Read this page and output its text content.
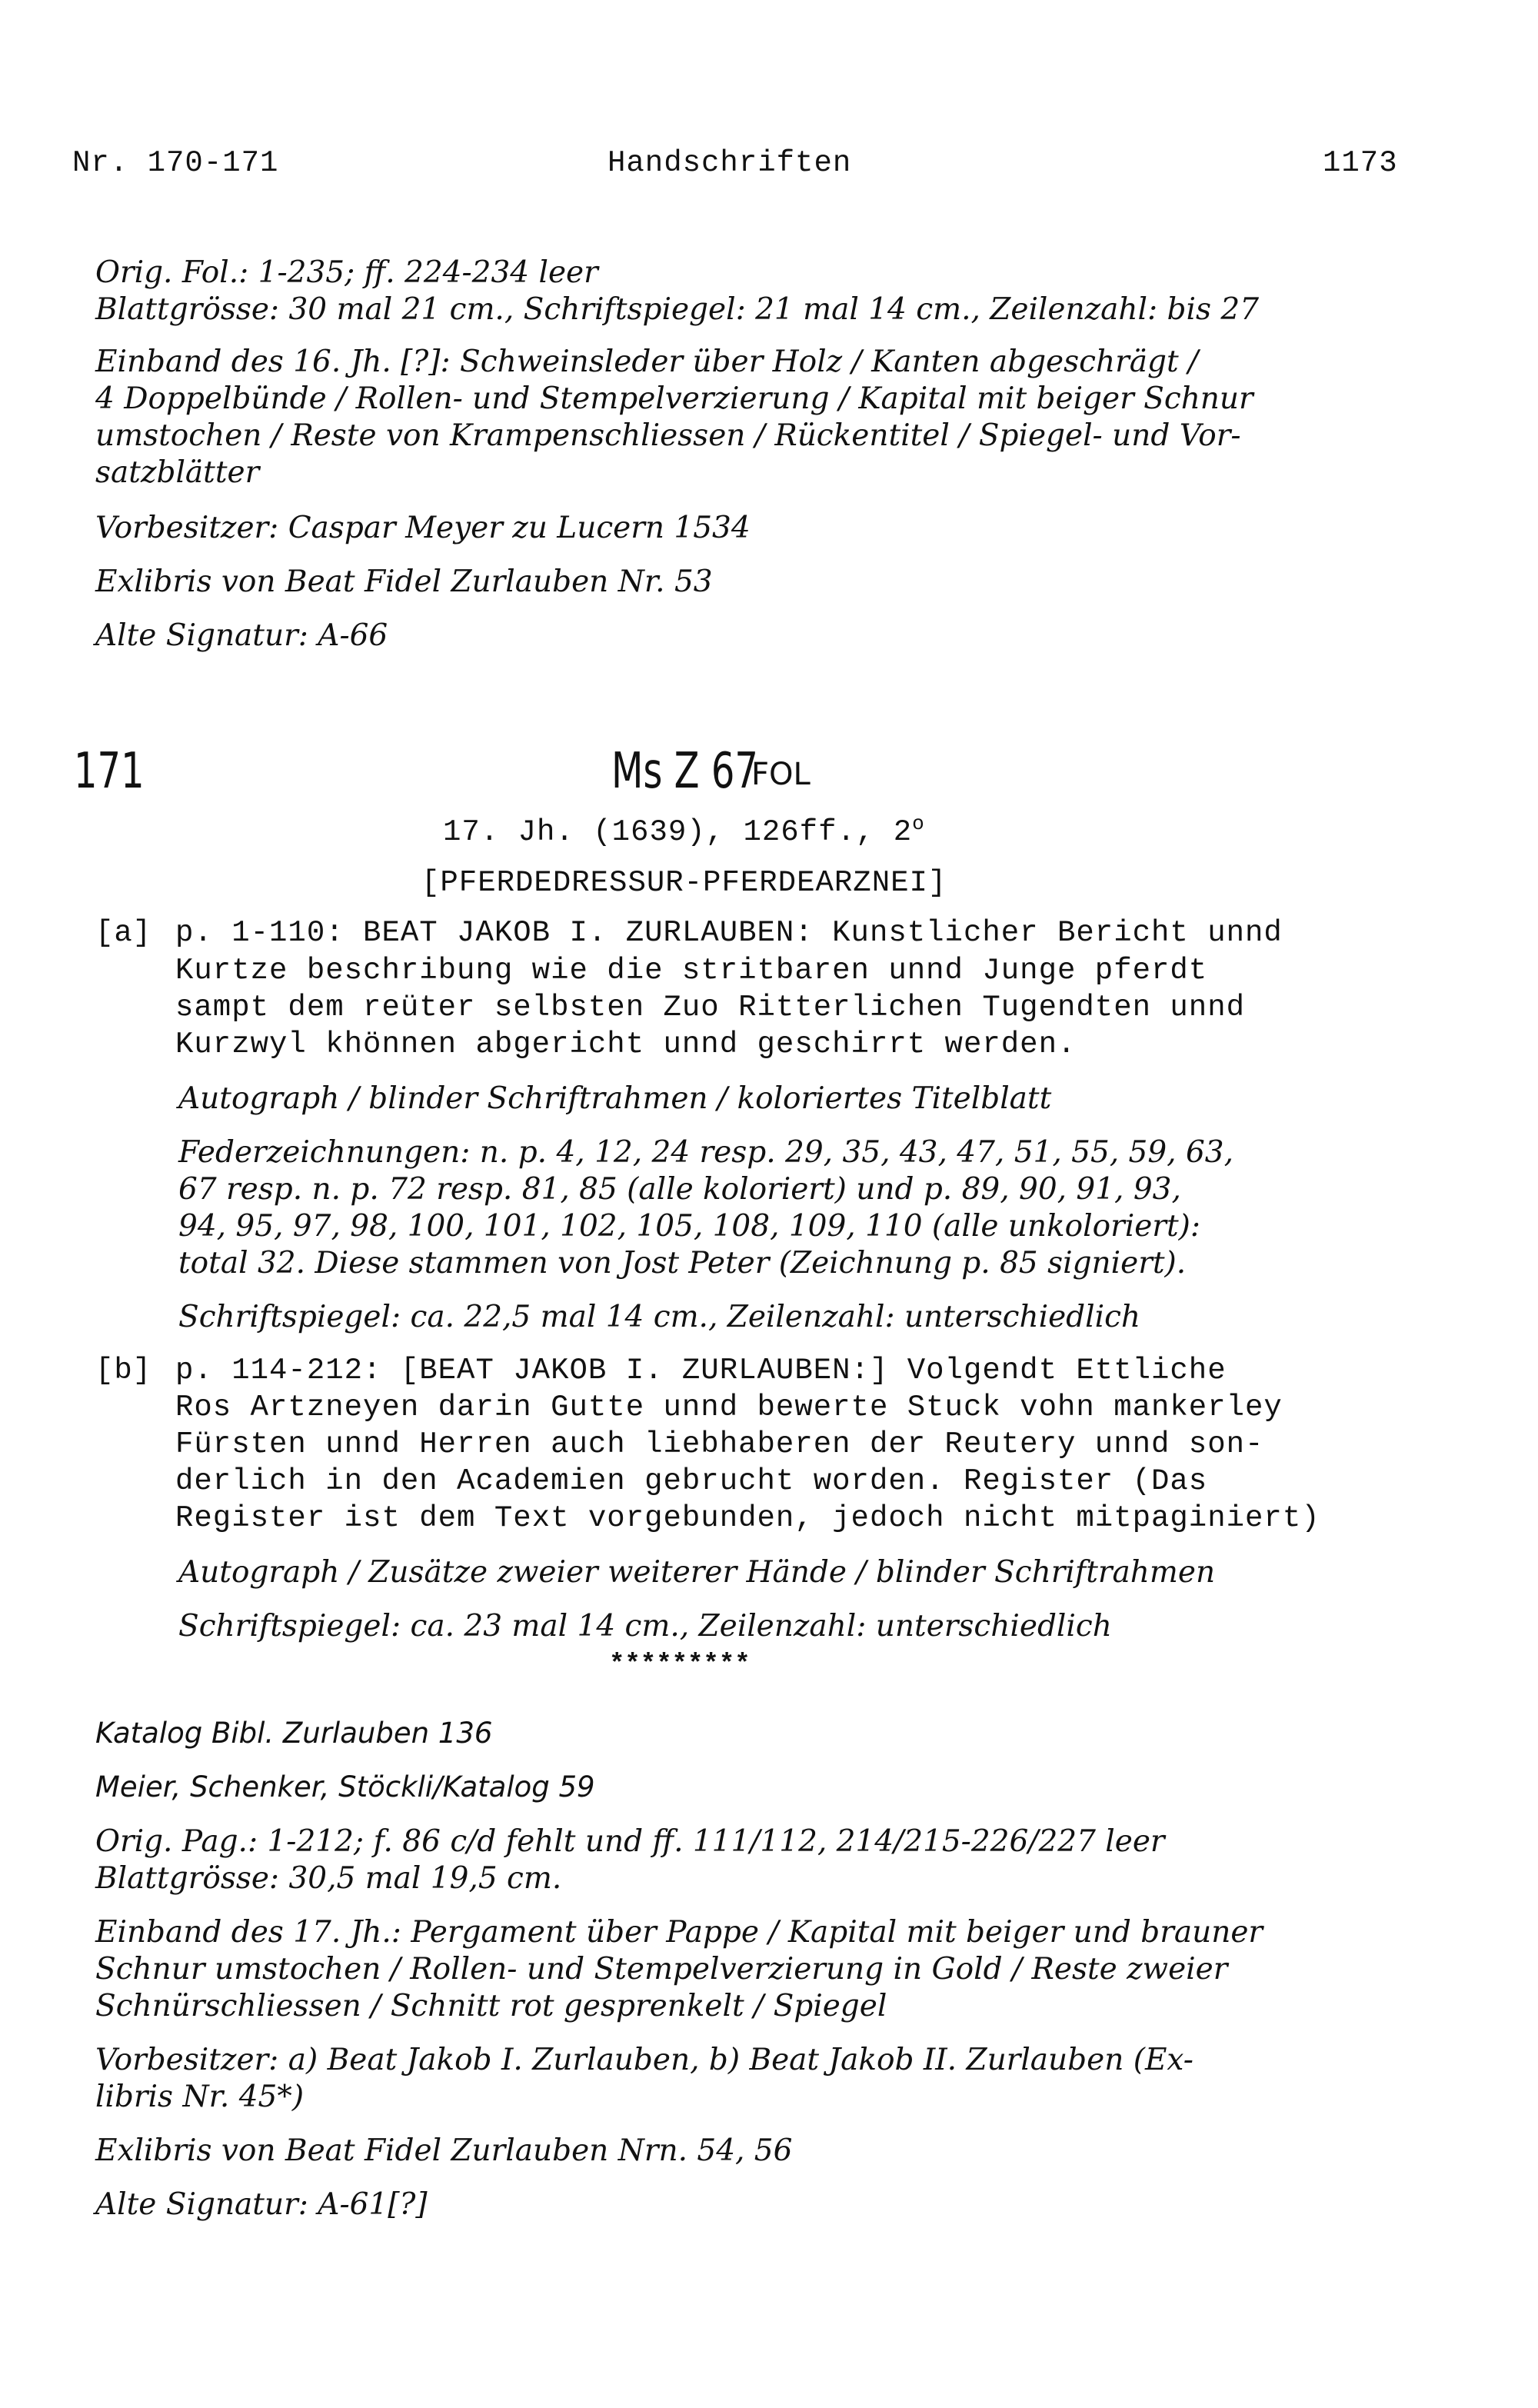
Nr. 170-171	Handschriften	1173
Orig. Fol.: 1-235; ff. 224-234 leer
Blattgrösse: 30 mal 21 cm., Schriftspiegel: 21 mal 14 cm., Zeilenzahl: bis 27
Einband des 16. Jh. [?]: Schweinsleder über Holz / Kanten abgeschrägt /
4 Doppelbünde / Rollen- und Stempelverzierung / Kapital mit beiger Schnur
umstochen / Reste von Krampenschliessen / Rückentitel / Spiegel- und Vor-
satzblätter
Vorbesitzer: Caspar Meyer zu Lucern 1534
Exlibris von Beat Fidel Zurlauben Nr. 53
Alte Signatur: A-66
171	Ms Z 67
FOL
17. Jh. (1639), 126ff., 2$^o$
[PFERDEDRESSUR-PFERDEARZNEI]
[a] p. 1-110: BEAT JAKOB I. ZURLAUBEN: Kunstlicher Bericht unnd
Kurtze beschribung wie die stritbaren unnd Junge pferdt
sampt dem reüter selbsten Zuo Ritterlichen Tugendten unnd
Kurzwyl khönnen abgericht unnd geschirrt werden.
Autograph / blinder Schriftrahmen / koloriertes Titelblatt
Federzeichnungen: n. p. 4, 12, 24 resp. 29, 35, 43, 47, 51, 55, 59, 63,
67 resp. n. p. 72 resp. 81, 85 (alle koloriert) und p. 89, 90, 91, 93,
94, 95, 97, 98, 100, 101, 102, 105, 108, 109, 110 (alle unkoloriert):
total 32. Diese stammen von Jost Peter (Zeichnung p. 85 signiert).
Schriftspiegel: ca. 22,5 mal 14 cm., Zeilenzahl: unterschiedlich
[b] p. 114-212: [BEAT JAKOB I. ZURLAUBEN:] Volgendt Ettliche
Ros Artzneyen darin Gutte unnd bewerte Stuck vohn mankerley
Fürsten unnd Herren auch liebhaberen der Reutery unnd son-
derlich in den Academien gebrucht worden. Register (Das
Register ist dem Text vorgebunden, jedoch nicht mitpaginiert)
Autograph / Zusätze zweier weiterer Hände / blinder Schriftrahmen
Schriftspiegel: ca. 23 mal 14 cm., Zeilenzahl: unterschiedlich
*********
Katalog Bibl. Zurlauben 136
Meier, Schenker, Stöckli/Katalog 59
Orig. Pag.: 1-212; f. 86 c/d fehlt und ff. 111/112, 214/215-226/227 leer
Blattgrösse: 30,5 mal 19,5 cm.
Einband des 17. Jh.: Pergament über Pappe / Kapital mit beiger und brauner
Schnur umstochen / Rollen- und Stempelverzierung in Gold / Reste zweier
Schnürschliessen / Schnitt rot gesprenkelt / Spiegel
Vorbesitzer: a) Beat Jakob I. Zurlauben, b) Beat Jakob II. Zurlauben (Ex-
libris Nr. 45*)
Exlibris von Beat Fidel Zurlauben Nrn. 54, 56
Alte Signatur: A-61[?]
